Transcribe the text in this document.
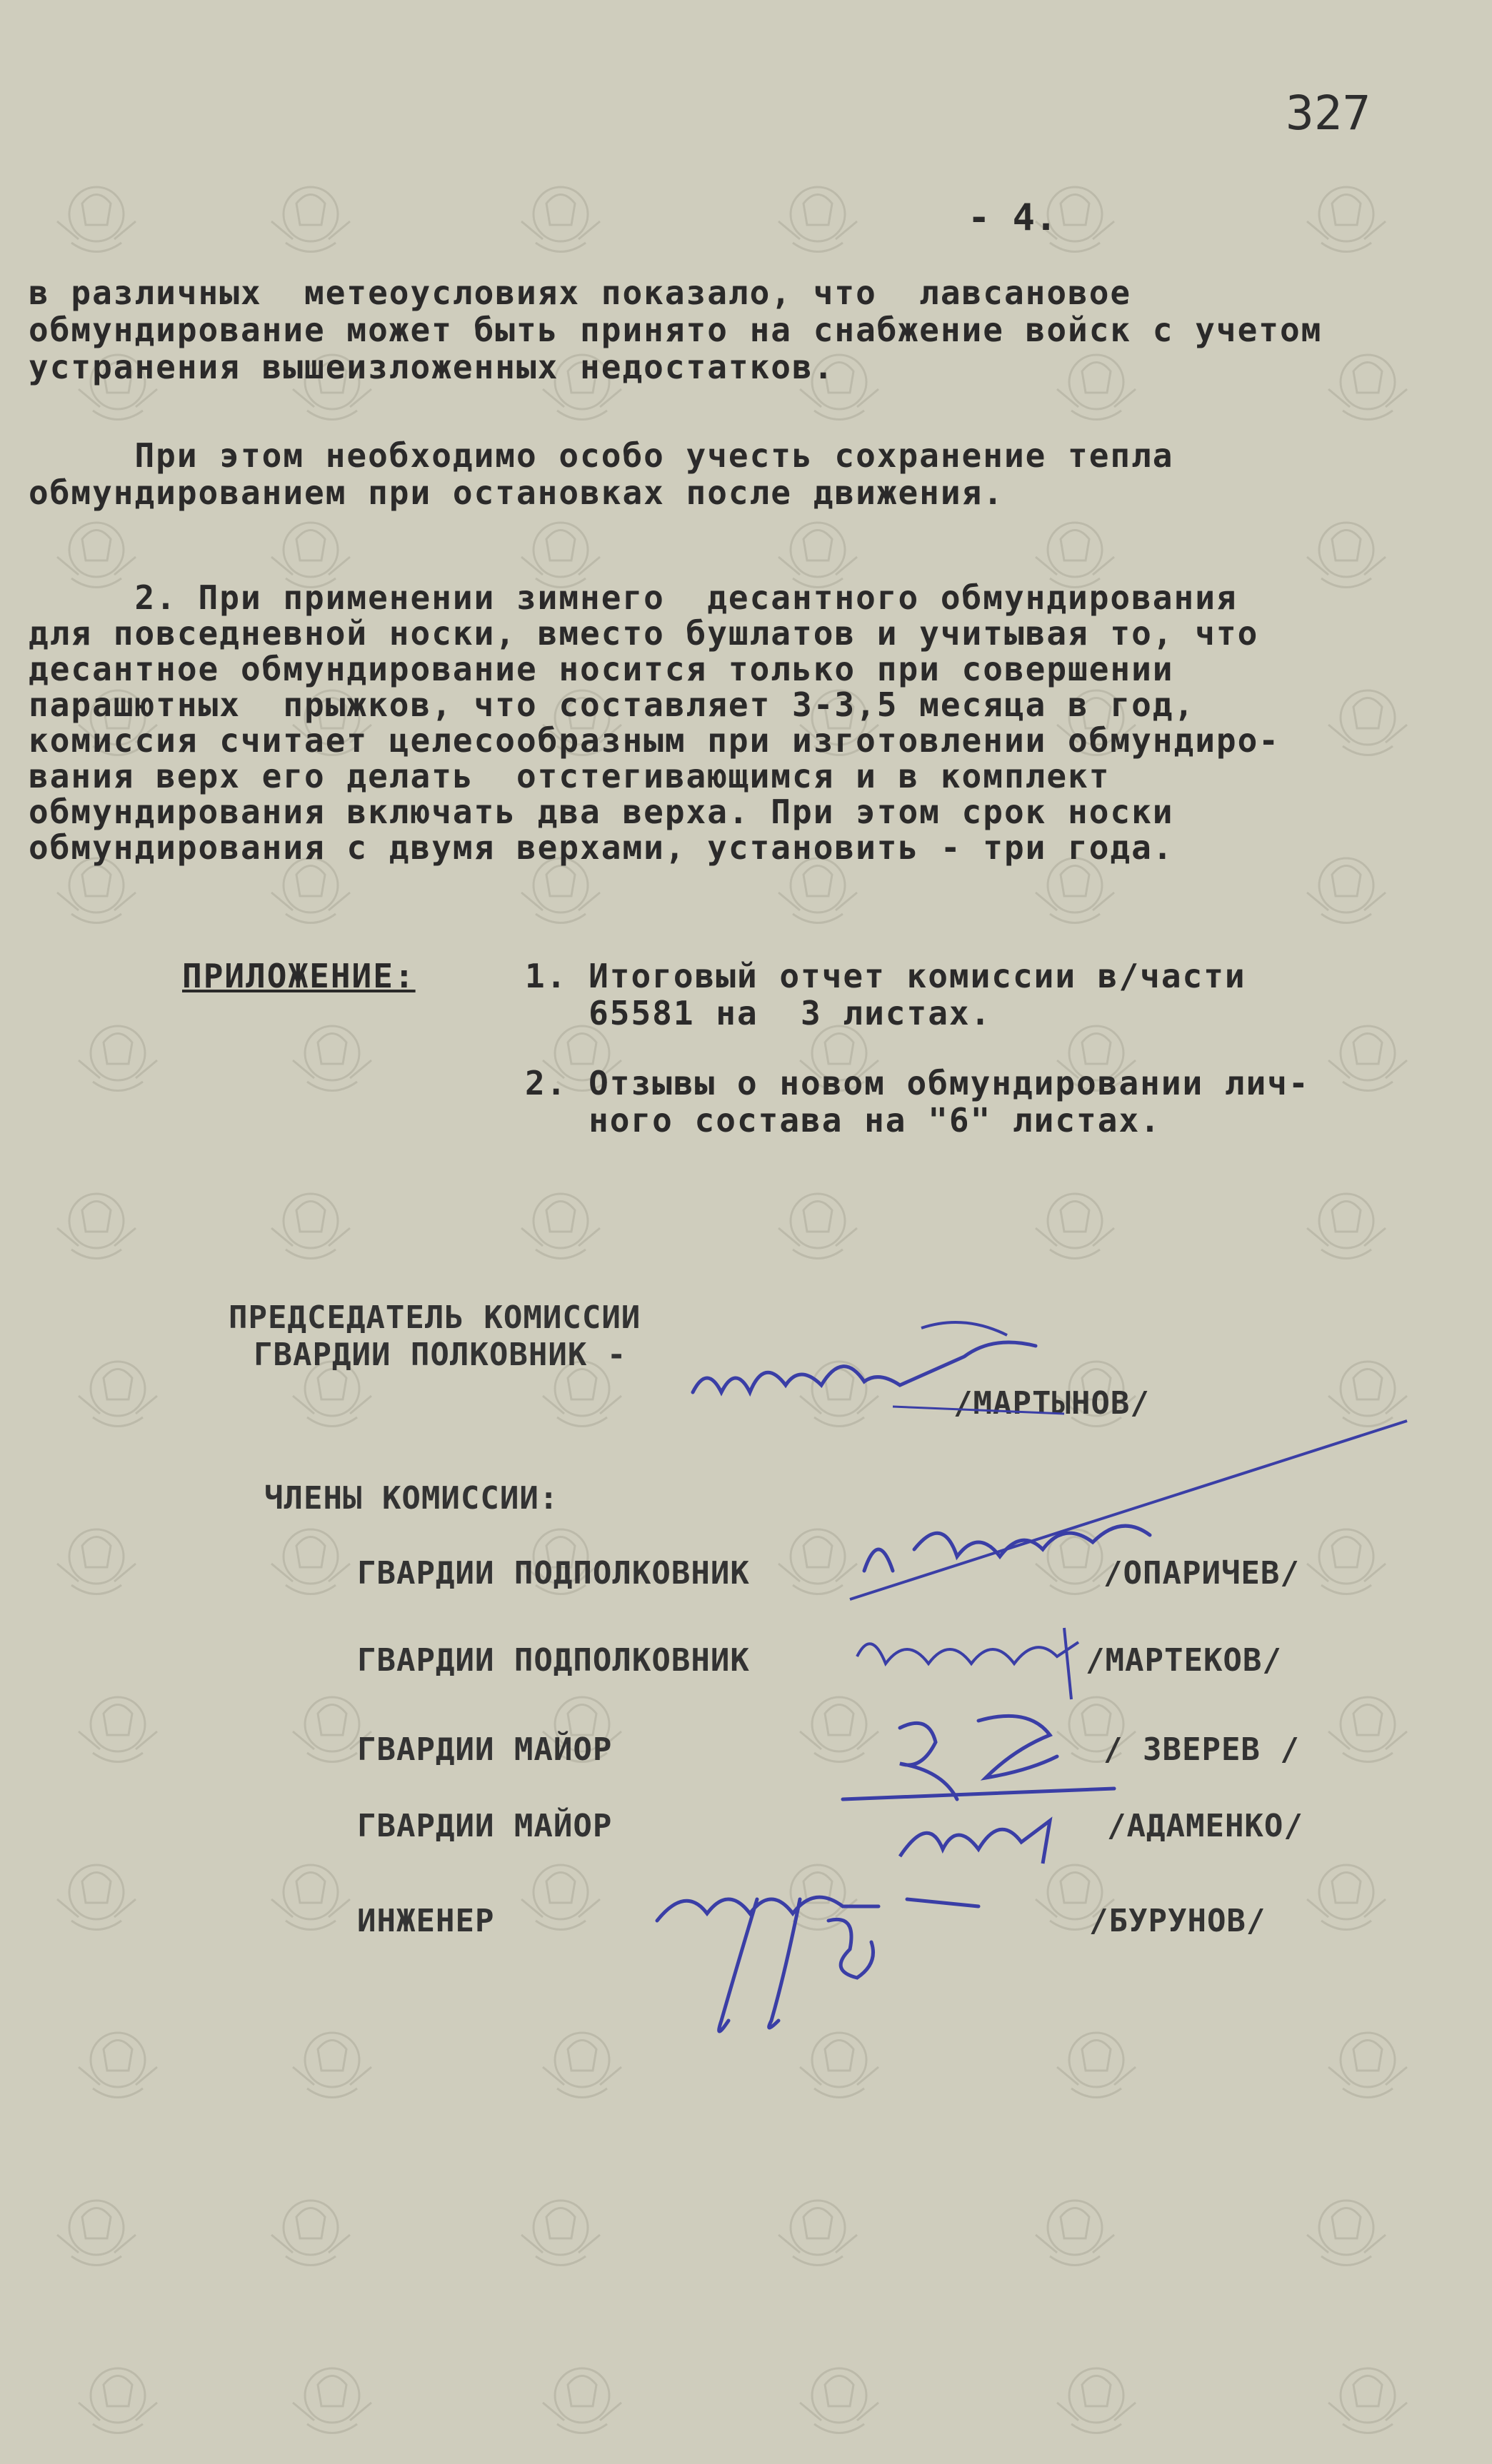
327
- 4.
в различных  метеоусловиях показало, что  лавсановое
обмундирование может быть принято на снабжение войск с учетом
устранения вышеизложенных недостатков.
При этом необходимо особо учесть сохранение тепла
обмундированием при остановках после движения.
2. При применении зимнего  десантного обмундирования
для повседневной носки, вместо бушлатов и учитывая то, что
десантное обмундирование носится только при совершении
парашютных  прыжков, что составляет 3-3,5 месяца в год,
комиссия считает целесообразным при изготовлении обмундиро-
вания верх его делать  отстегивающимся и в комплект
обмундирования включать два верха. При этом срок носки
обмундирования с двумя верхами, установить - три года.
ПРИЛОЖЕНИЕ:	1. Итоговый отчет комиссии в/части
65581 на  3 листах.
2. Отзывы о новом обмундировании лич-
ного состава на "6" листах.
ПРЕДСЕДАТЕЛЬ КОМИССИИ
ГВАРДИИ ПОЛКОВНИК -
/МАРТЫНОВ/
ЧЛЕНЫ КОМИССИИ:
ГВАРДИИ ПОДПОЛКОВНИК	/ОПАРИЧЕВ/
ГВАРДИИ ПОДПОЛКОВНИК	/МАРТЕКОВ/
ГВАРДИИ МАЙОР	/ ЗВЕРЕВ /
ГВАРДИИ МАЙОР	/АДАМЕНКО/
ИНЖЕНЕР	/БУРУНОВ/
